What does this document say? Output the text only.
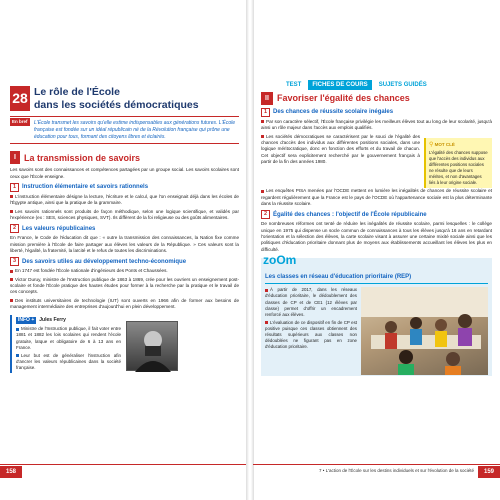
28 Le rôle de l'École
dans les sociétés démocratiques
En bref	L'École transmet les savoirs qu'elle estime indispensables aux générations futures. L'École française est fondée sur un idéal républicain né de la Révolution française qui prône une éducation pour tous, formant des citoyens libres et éclairés.
I La transmission de savoirs

Les savoirs sont des connaissances et compétences partagées par un groupe social. Les savoirs scolaires sont ceux que l'École enseigne.

1 Instruction élémentaire et savoirs rationnels

L'instruction élémentaire désigne la lecture, l'écriture et le calcul, que l'on enseignait déjà dans les écoles de l'Égypte antique, ainsi que la pratique de la grammaire.

Les savoirs rationnels sont produits de façon méthodique, selon une logique scientifique, et validés par l'expérience (ex : SES, sciences physiques, SVT). Ils diffèrent de la foi religieuse ou des goûts alimentaires.

2 Les valeurs républicaines

En France, le Code de l'éducation dit que : « outre la transmission des connaissances, la Nation fixe comme mission première à l'École de faire partager aux élèves les valeurs de la République. » Ces valeurs sont la liberté, l'égalité, la fraternité, la laïcité et le refus de toutes les discriminations.

3 Des savoirs utiles au développement techno-économique

En 1747 est fondée l'École nationale d'ingénieurs des Ponts et Chaussées.

Victor Duruy, ministre de l'Instruction publique de 1863 à 1869, crée pour les ouvriers un enseignement post-scolaire et fonde l'École pratique des hautes études pour former à la recherche par la pratique et le travail de ces concepts.

Des instituts universitaires de technologie (IUT) sont ouverts en 1966 afin de former aux besoins de management intermédiaire des entreprises d'aujourd'hui en plein développement.

INFO +	Jules Ferry

Ministre de l'Instruction publique, il fait voter entre 1881 et 1882 les lois scolaires qui rendent l'école gratuite, laïque et obligatoire de 6 à 13 ans en France.

Leur but est de généraliser l'instruction afin d'ancrer les valeurs républicaines dans la société française.

158
TEST	FICHES DE COURS	SUJETS GUIDÉS
II Favoriser l'égalité des chances
1 Des chances de réussite scolaire inégales

Par son caractère sélectif, l'École française privilégie les meilleurs élèves tout au long de leur scolarité, jusqu'à ainsi un rôle majeur dans l'accès aux emplois qualifiés.

Les sociétés démocratiques se caractérisent par le souci de l'égalité des chances d'accès des individus aux différentes positions sociales, dans une logique méritocratique, donc en fonction des efforts et du travail de chacun. Cet objectif sera explicitement recherché par le gouvernement français à partir de la fin des années 1980.

⚲ MOT CLÉ
L'égalité des chances suppose que l'accès des individus aux différentes positions sociales ne résulte que de leurs mérites, et non d'avantages liés à leur origine sociale.

Les enquêtes PISA menées par l'OCDE mettent en lumière les inégalités de chances de réussite scolaire et regardent régulièrement que la France est le pays de l'OCDE où l'appartenance sociale est la plus déterminante dans la réussite scolaire.

2 Égalité des chances : l'objectif de l'École républicaine

De nombreuses réformes ont tenté de réduire les inégalités de réussite scolaire, parmi lesquelles : le collège unique en 1975 qui dispense un socle commun de connaissances à tous les élèves jusqu'à 16 ans en retardant l'orientation et la sélection des élèves, la carte scolaire visant à assurer une certaine mixité sociale ainsi que les politiques d'éducation prioritaire donnant plus de moyens aux établissements accueillant les élèves les plus en difficulté.

zoOm
Les classes en réseau d'éducation prioritaire (REP)

À partir de 2017, dans les réseaux d'éducation prioritaire, le dédoublement des classes de CP et de CE1 (12 élèves par classe) permet d'offrir un encadrement renforcé aux élèves.

L'évaluation de ce dispositif en fin de CP est positive puisque ces classes obtiennent des résultats supérieurs aux classes non dédoublées ne figurant pas en zone d'éducation prioritaire.

7 • L'action de l'École sur les destins individuels et sur l'évolution de la société	159
